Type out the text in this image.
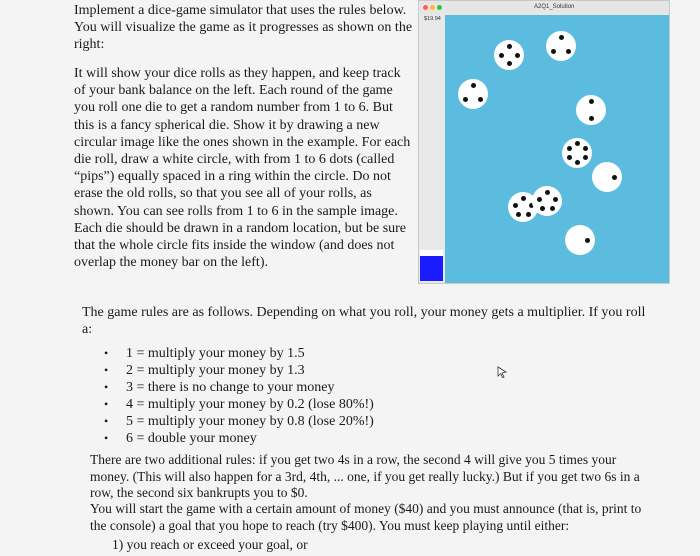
Implement a dice-game simulator that uses the rules below. You will visualize the game as it progresses as shown on the right:

It will show your dice rolls as they happen, and keep track of your bank balance on the left. Each round of the game you roll one die to get a random number from 1 to 6. But this is a fancy spherical die. Show it by drawing a new circular image like the ones shown in the example. For each die roll, draw a white circle, with from 1 to 6 dots (called “pips”) equally spaced in a ring within the circle. Do not erase the old rolls, so that you see all of your rolls, as shown. You can see rolls from 1 to 6 in the sample image. Each die should be drawn in a random location, but be sure that the whole circle fits inside the window (and does not overlap the money bar on the left).

A2Q1_Solution
$19.94

The game rules are as follows. Depending on what you roll, your money gets a multiplier. If you roll a:

• 1 = multiply your money by 1.5
• 2 = multiply your money by 1.3
• 3 = there is no change to your money
• 4 = multiply your money by 0.2 (lose 80%!)
• 5 = multiply your money by 0.8 (lose 20%!)
• 6 = double your money

There are two additional rules: if you get two 4s in a row, the second 4 will give you 5 times your money. (This will also happen for a 3rd, 4th, ... one, if you get really lucky.) But if you get two 6s in a row, the second six bankrupts you to $0.

You will start the game with a certain amount of money ($40) and you must announce (that is, print to the console) a goal that you hope to reach (try $400). You must keep playing until either:

1) you reach or exceed your goal, or
